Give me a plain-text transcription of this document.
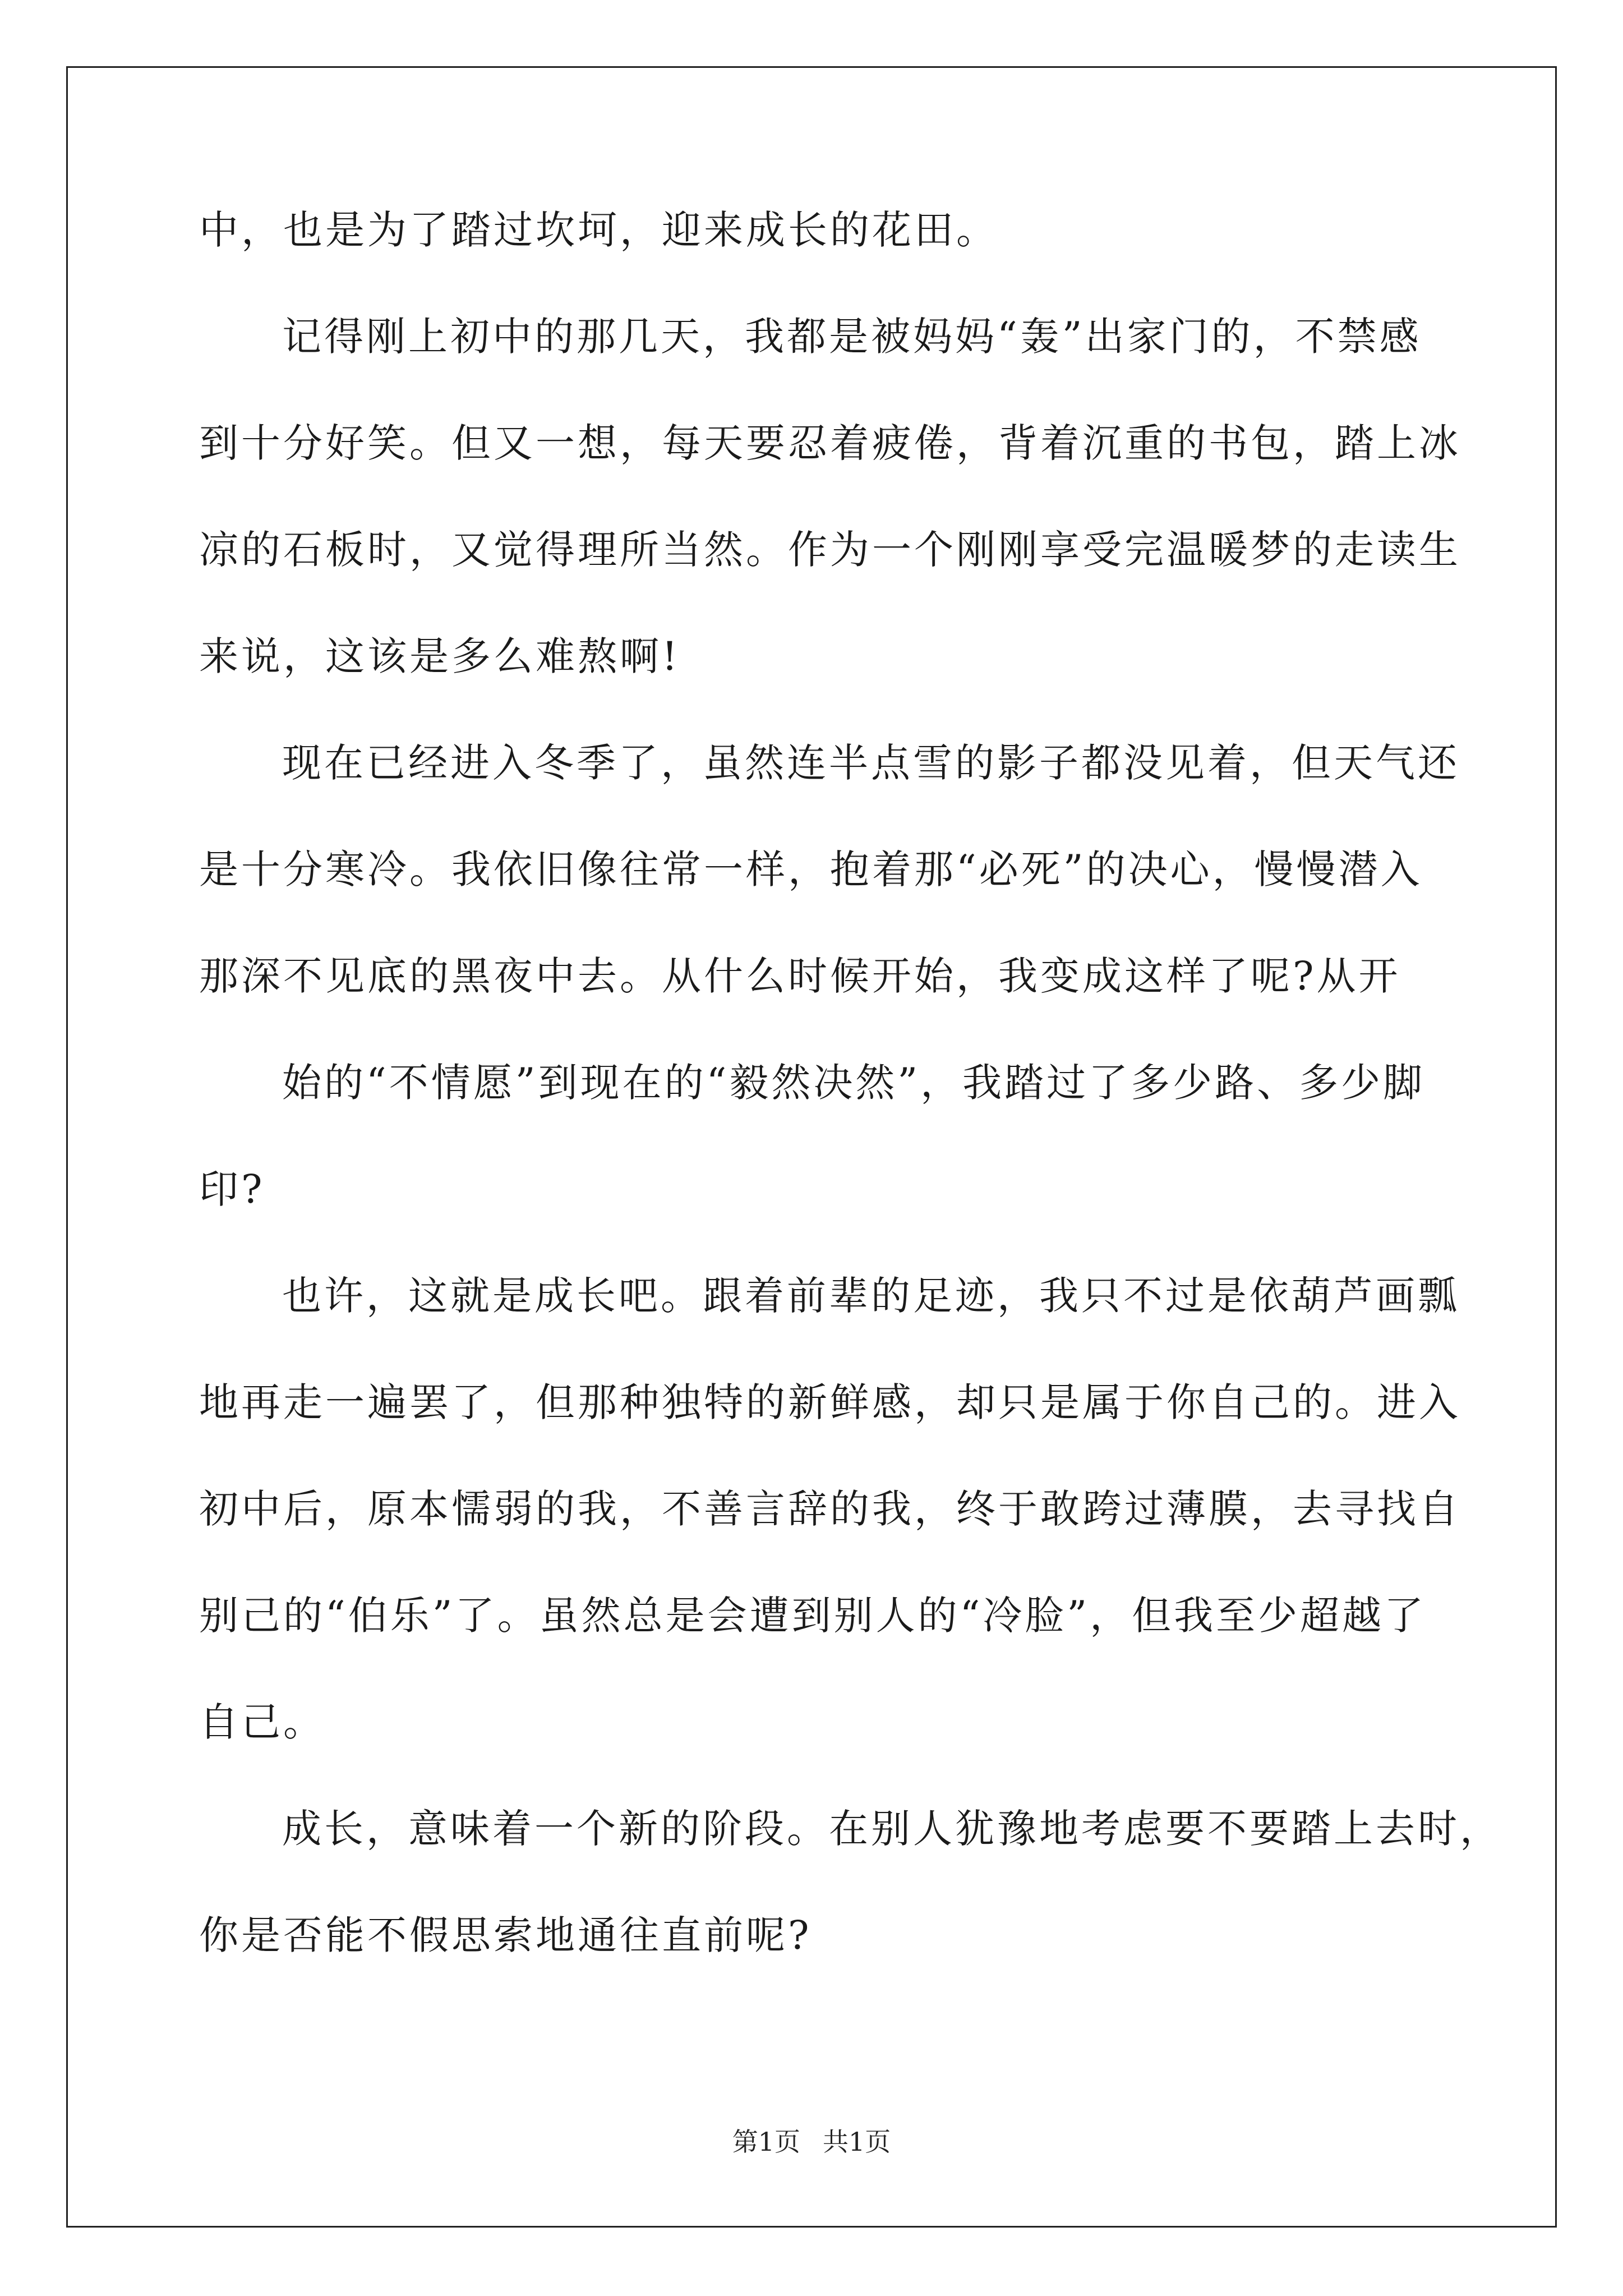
中，也是为了踏过坎坷，迎来成长的花田。
记得刚上初中的那几天，我都是被妈妈“轰”出家门的，不禁感
到十分好笑。但又一想，每天要忍着疲倦，背着沉重的书包，踏上冰
凉的石板时，又觉得理所当然。作为一个刚刚享受完温暖梦的走读生
来说，这该是多么难熬啊!
现在已经进入冬季了，虽然连半点雪的影子都没见着，但天气还
是十分寒冷。我依旧像往常一样，抱着那“必死”的决心，慢慢潜入
那深不见底的黑夜中去。从什么时候开始，我变成这样了呢?从开
始的“不情愿”到现在的“毅然决然”，我踏过了多少路、多少脚
印?
也许，这就是成长吧。跟着前辈的足迹，我只不过是依葫芦画瓢
地再走一遍罢了，但那种独特的新鲜感，却只是属于你自己的。进入
初中后，原本懦弱的我，不善言辞的我，终于敢跨过薄膜，去寻找自
别己的“伯乐”了。虽然总是会遭到别人的“冷脸”，但我至少超越了
自己。
成长，意味着一个新的阶段。在别人犹豫地考虑要不要踏上去时，
你是否能不假思索地通往直前呢?
第1页 共1页
